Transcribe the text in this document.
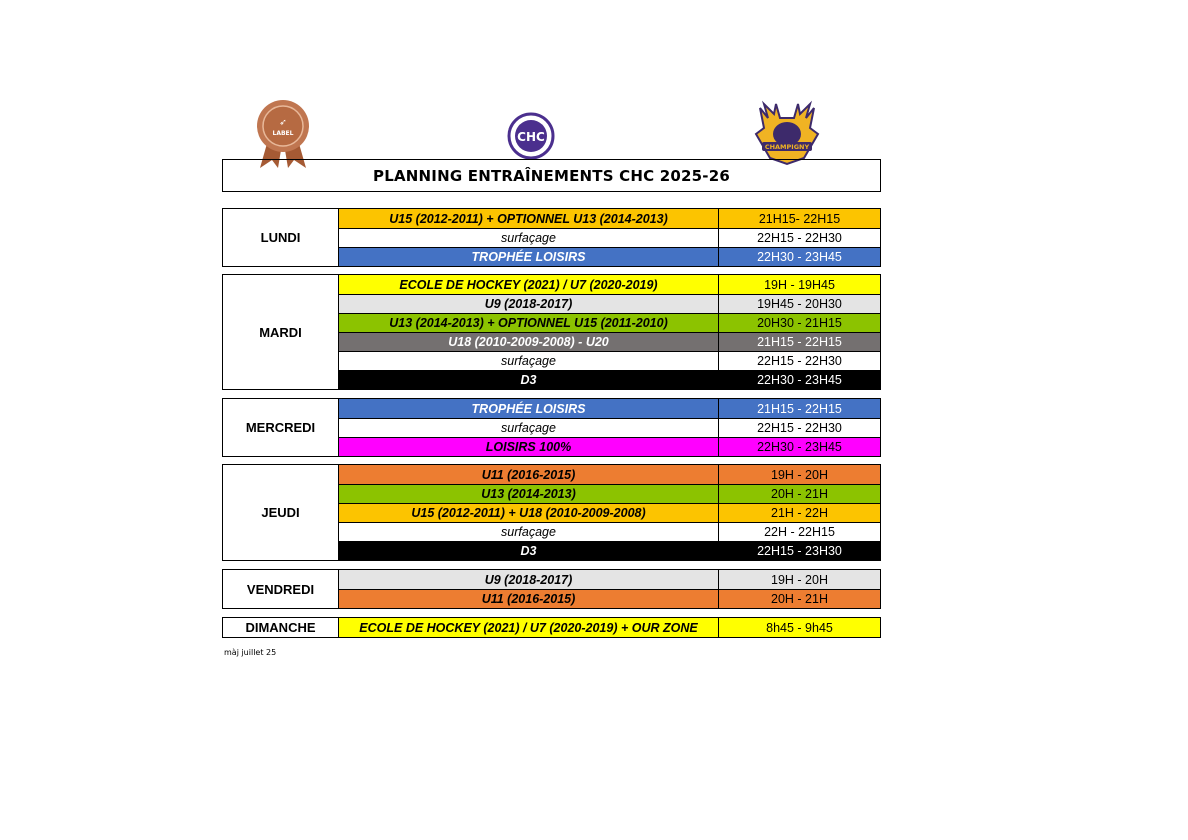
➶
LABEL	CHC
CHAMPIGNY
PLANNING ENTRAÎNEMENTS CHC 2025-26
LUNDI
U15 (2012-2011) + OPTIONNEL U13 (2014-2013)	21H15- 22H15
surfaçage	22H15 - 22H30
TROPHÉE LOISIRS	22H30 - 23H45
MARDI
ECOLE DE HOCKEY (2021) / U7 (2020-2019)	19H - 19H45
U9 (2018-2017)	19H45 - 20H30
U13 (2014-2013) + OPTIONNEL U15 (2011-2010)	20H30 - 21H15
U18 (2010-2009-2008) - U20	21H15 - 22H15
surfaçage	22H15 - 22H30
D3	22H30 - 23H45
MERCREDI
TROPHÉE LOISIRS	21H15 - 22H15
surfaçage	22H15 - 22H30
LOISIRS 100%	22H30 - 23H45
JEUDI
U11 (2016-2015)	19H - 20H
U13 (2014-2013)	20H - 21H
U15 (2012-2011) + U18 (2010-2009-2008)	21H - 22H
surfaçage	22H - 22H15
D3	22H15 - 23H30
VENDREDI
U9 (2018-2017)	19H - 20H
U11 (2016-2015)	20H - 21H
DIMANCHE	ECOLE DE HOCKEY (2021) / U7 (2020-2019) + OUR ZONE	8h45 - 9h45
màj juillet 25
